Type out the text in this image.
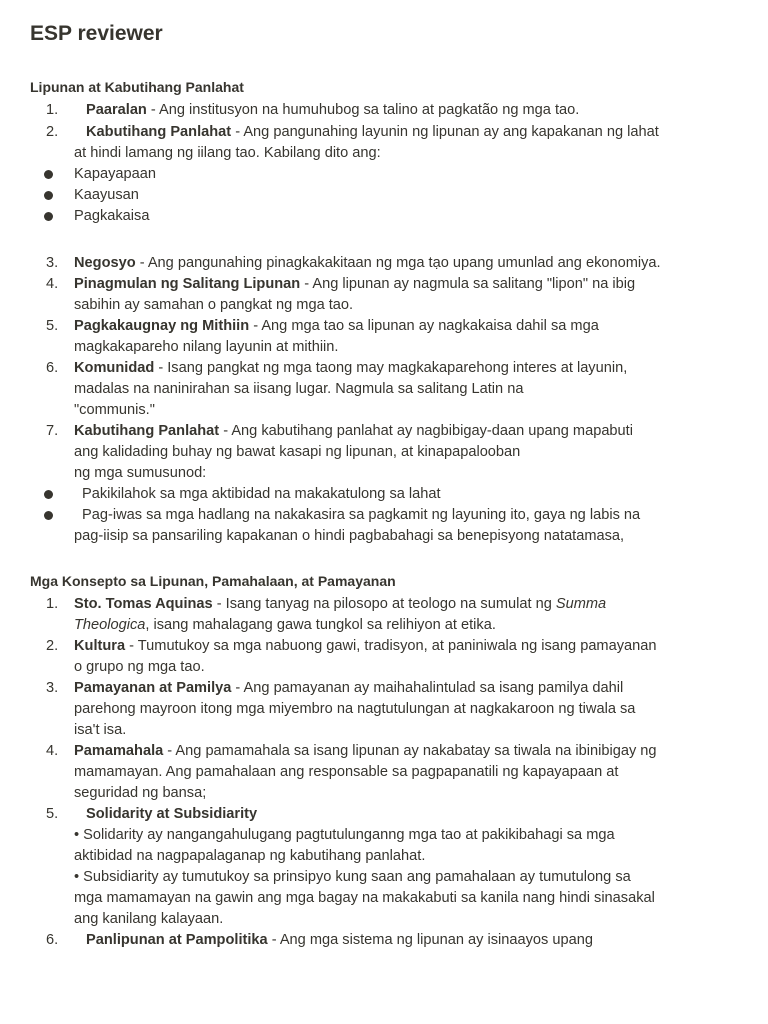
ESP reviewer
Lipunan at Kabutihang Panlahat
1.	Paaralan - Ang institusyon na humuhubog sa talino at pagkatão ng mga tao.
2.	Kabutihang Panlahat - Ang pangunahing layunin ng lipunan ay ang kapakanan ng lahat
at hindi lamang ng iilang tao. Kabilang dito ang:
Kapayapaan
Kaayusan
Pagkakaisa
3.	Negosyo - Ang pangunahing pinagkakakitaan ng mga tạo upang umunlad ang ekonomiya.
4.	Pinagmulan ng Salitang Lipunan - Ang lipunan ay nagmula sa salitang "lipon" na ibig
sabihin ay samahan o pangkat ng mga tao.
5.	Pagkakaugnay ng Mithiin - Ang mga tao sa lipunan ay nagkakaisa dahil sa mga
magkakapareho nilang layunin at mithiin.
6.	Komunidad - Isang pangkat ng mga taong may magkakaparehong interes at layunin,
madalas na naninirahan sa iisang lugar. Nagmula sa salitang Latin na
"communis."
7.	Kabutihang Panlahat - Ang kabutihang panlahat ay nagbibigay-daan upang mapabuti
ang kalidading buhay ng bawat kasapi ng lipunan, at kinapapalooban
ng mga sumusunod:
Pakikilahok sa mga aktibidad na makakatulong sa lahat
Pag-iwas sa mga hadlang na nakakasira sa pagkamit ng layuning ito, gaya ng labis na
pag-iisip sa pansariling kapakanan o hindi pagbabahagi sa benepisyong natatamasa,
Mga Konsepto sa Lipunan, Pamahalaan, at Pamayanan
1.	Sto. Tomas Aquinas - Isang tanyag na pilosopo at teologo na sumulat ng Summa
Theologica, isang mahalagang gawa tungkol sa relihiyon at etika.
2.	Kultura - Tumutukoy sa mga nabuong gawi, tradisyon, at paniniwala ng isang pamayanan
o grupo ng mga tao.
3.	Pamayanan at Pamilya - Ang pamayanan ay maihahalintulad sa isang pamilya dahil
parehong mayroon itong mga miyembro na nagtutulungan at nagkakaroon ng tiwala sa
isa't isa.
4.	Pamamahala - Ang pamamahala sa isang lipunan ay nakabatay sa tiwala na ibinibigay ng
mamamayan. Ang pamahalaan ang responsable sa pagpapanatili ng kapayapaan at
seguridad ng bansa;
5.	Solidarity at Subsidiarity
• Solidarity ay nangangahulugang pagtutulunganng mga tao at pakikibahagi sa mga
aktibidad na nagpapalaganap ng kabutihang panlahat.
• Subsidiarity ay tumutukoy sa prinsipyo kung saan ang pamahalaan ay tumutulong sa
mga mamamayan na gawin ang mga bagay na makakabuti sa kanila nang hindi sinasakal
ang kanilang kalayaan.
6.	Panlipunan at Pampolitika - Ang mga sistema ng lipunan ay isinaayos upang
